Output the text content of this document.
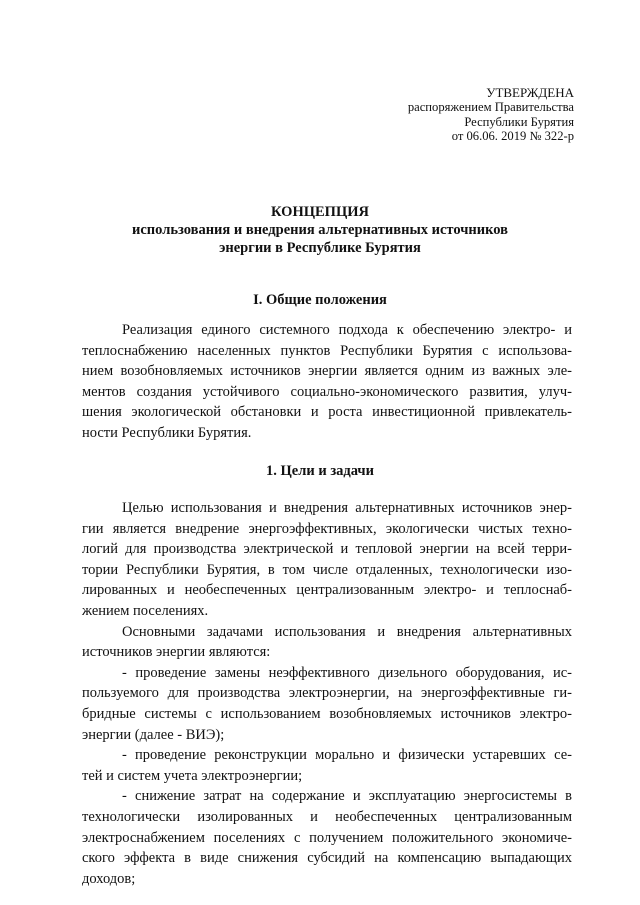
УТВЕРЖДЕНА
распоряжением Правительства
Республики Бурятия
от 06.06. 2019 № 322-р
КОНЦЕПЦИЯ
использования и внедрения альтернативных источников
энергии в Республике Бурятия
I. Общие положения
Реализация единого системного подхода к обеспечению электро- и
теплоснабжению населенных пунктов Республики Бурятия с использова-
нием возобновляемых источников энергии является одним из важных эле-
ментов создания устойчивого социально-экономического развития, улуч-
шения экологической обстановки и роста инвестиционной привлекатель-
ности Республики Бурятия.
1. Цели и задачи
Целью использования и внедрения альтернативных источников энер-
гии является внедрение энергоэффективных, экологически чистых техно-
логий для производства электрической и тепловой энергии на всей терри-
тории Республики Бурятия, в том числе отдаленных, технологически изо-
лированных и необеспеченных централизованным электро- и теплоснаб-
жением поселениях.
Основными задачами использования и внедрения альтернативных
источников энергии являются:
- проведение замены неэффективного дизельного оборудования, ис-
пользуемого для производства электроэнергии, на энергоэффективные ги-
бридные системы с использованием возобновляемых источников электро-
энергии (далее - ВИЭ);
- проведение реконструкции морально и физически устаревших се-
тей и систем учета электроэнергии;
- снижение затрат на содержание и эксплуатацию энергосистемы в
технологически изолированных и необеспеченных централизованным
электроснабжением поселениях с получением положительного экономиче-
ского эффекта в виде снижения субсидий на компенсацию выпадающих
доходов;
